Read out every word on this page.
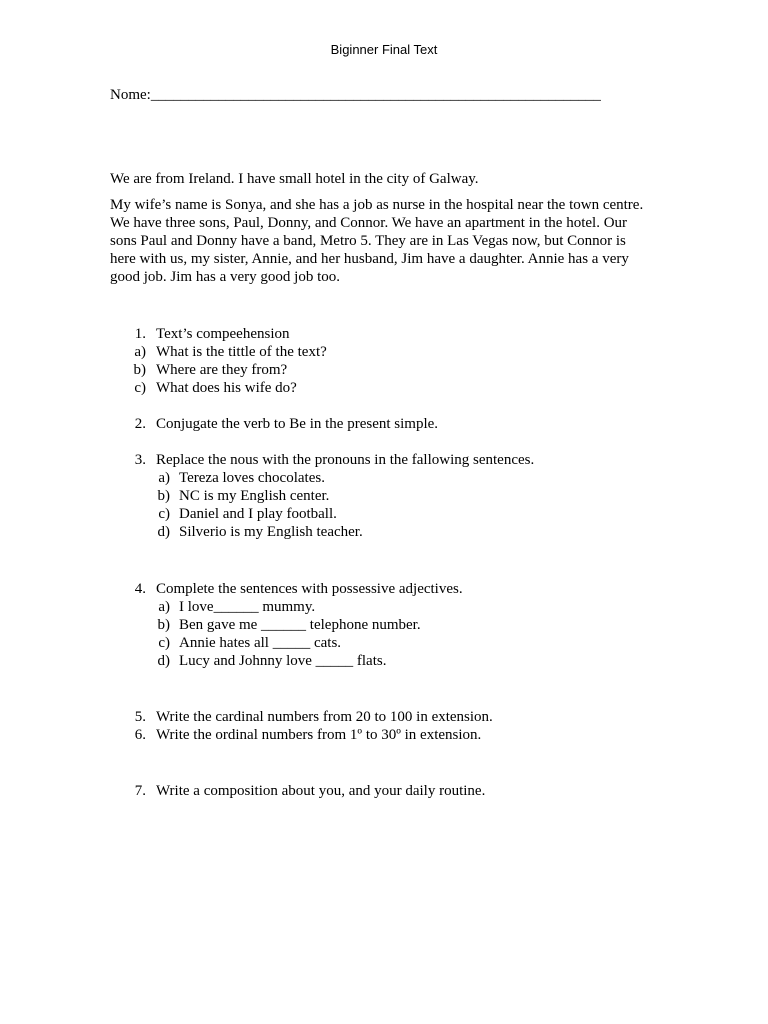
Biginner Final Text
Nome:____________________________________________________________
We are from Ireland. I have small hotel in the city of Galway.
My wife’s name is Sonya, and she has a job as nurse in the hospital near the town centre. We have three sons, Paul, Donny, and Connor. We have an apartment in the hotel. Our sons Paul and Donny have a band, Metro 5. They are in Las Vegas now, but Connor is here with us, my sister, Annie, and her husband, Jim have a daughter. Annie has a very good job. Jim has a very good job too.
1. Text’s compeehension
a) What is the tittle of the text?
b) Where are they from?
c) What does his wife do?
2. Conjugate the verb to Be in the present simple.
3. Replace the nous with the pronouns in the fallowing sentences.
a) Tereza loves chocolates.
b) NC is my English center.
c) Daniel and I play football.
d) Silverio is my English teacher.
4. Complete the sentences with possessive adjectives.
a) I love______ mummy.
b) Ben gave me ______ telephone number.
c) Annie hates all _____ cats.
d) Lucy and Johnny love _____ flats.
5. Write the cardinal numbers from 20 to 100 in extension.
6. Write the ordinal numbers from 1º to 30º in extension.
7. Write a composition about you, and your daily routine.
